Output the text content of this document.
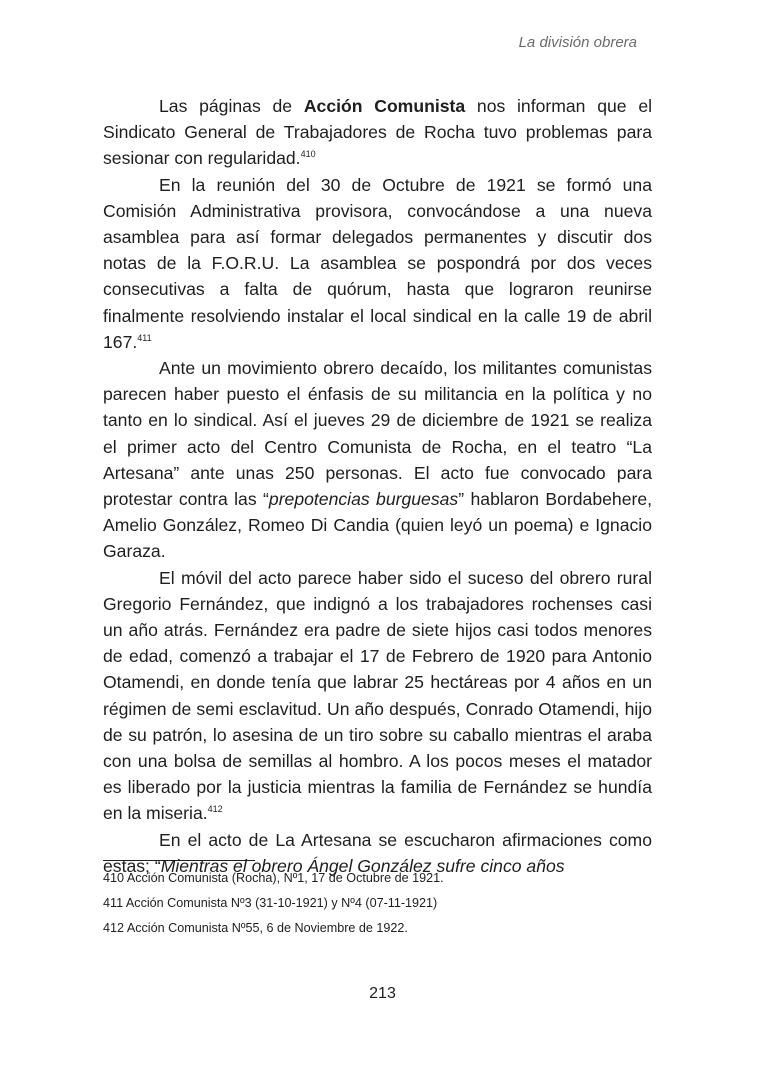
La división obrera

Las páginas de Acción Comunista nos informan que el Sindicato General de Trabajadores de Rocha tuvo problemas para sesionar con regularidad.$^{410}$

En la reunión del 30 de Octubre de 1921 se formó una Comisión Administrativa provisora, convocándose a una nueva asamblea para así formar delegados permanentes y discutir dos notas de la F.O.R.U. La asamblea se pospondrá por dos veces consecutivas a falta de quórum, hasta que lograron reunirse finalmente resolviendo instalar el local sindical en la calle 19 de abril 167.$^{411}$

Ante un movimiento obrero decaído, los militantes comunistas parecen haber puesto el énfasis de su militancia en la política y no tanto en lo sindical. Así el jueves 29 de diciembre de 1921 se realiza el primer acto del Centro Comunista de Rocha, en el teatro “La Artesana” ante unas 250 personas. El acto fue convocado para protestar contra las “prepotencias burguesas” hablaron Bordabehere, Amelio González, Romeo Di Candia (quien leyó un poema) e Ignacio Garaza.

El móvil del acto parece haber sido el suceso del obrero rural Gregorio Fernández, que indignó a los trabajadores rochenses casi un año atrás. Fernández era padre de siete hijos casi todos menores de edad, comenzó a trabajar el 17 de Febrero de 1920 para Antonio Otamendi, en donde tenía que labrar 25 hectáreas por 4 años en un régimen de semi esclavitud. Un año después, Conrado Otamendi, hijo de su patrón, lo asesina de un tiro sobre su caballo mientras el araba con una bolsa de semillas al hombro. A los pocos meses el matador es liberado por la justicia mientras la familia de Fernández se hundía en la miseria.$^{412}$

En el acto de La Artesana se escucharon afirmaciones como estas; “Mientras el obrero Ángel González sufre cinco años

410 Acción Comunista (Rocha), Nº1, 17 de Octubre de 1921.
411 Acción Comunista Nº3 (31-10-1921) y Nº4 (07-11-1921)
412 Acción Comunista Nº55, 6 de Noviembre de 1922.

213
